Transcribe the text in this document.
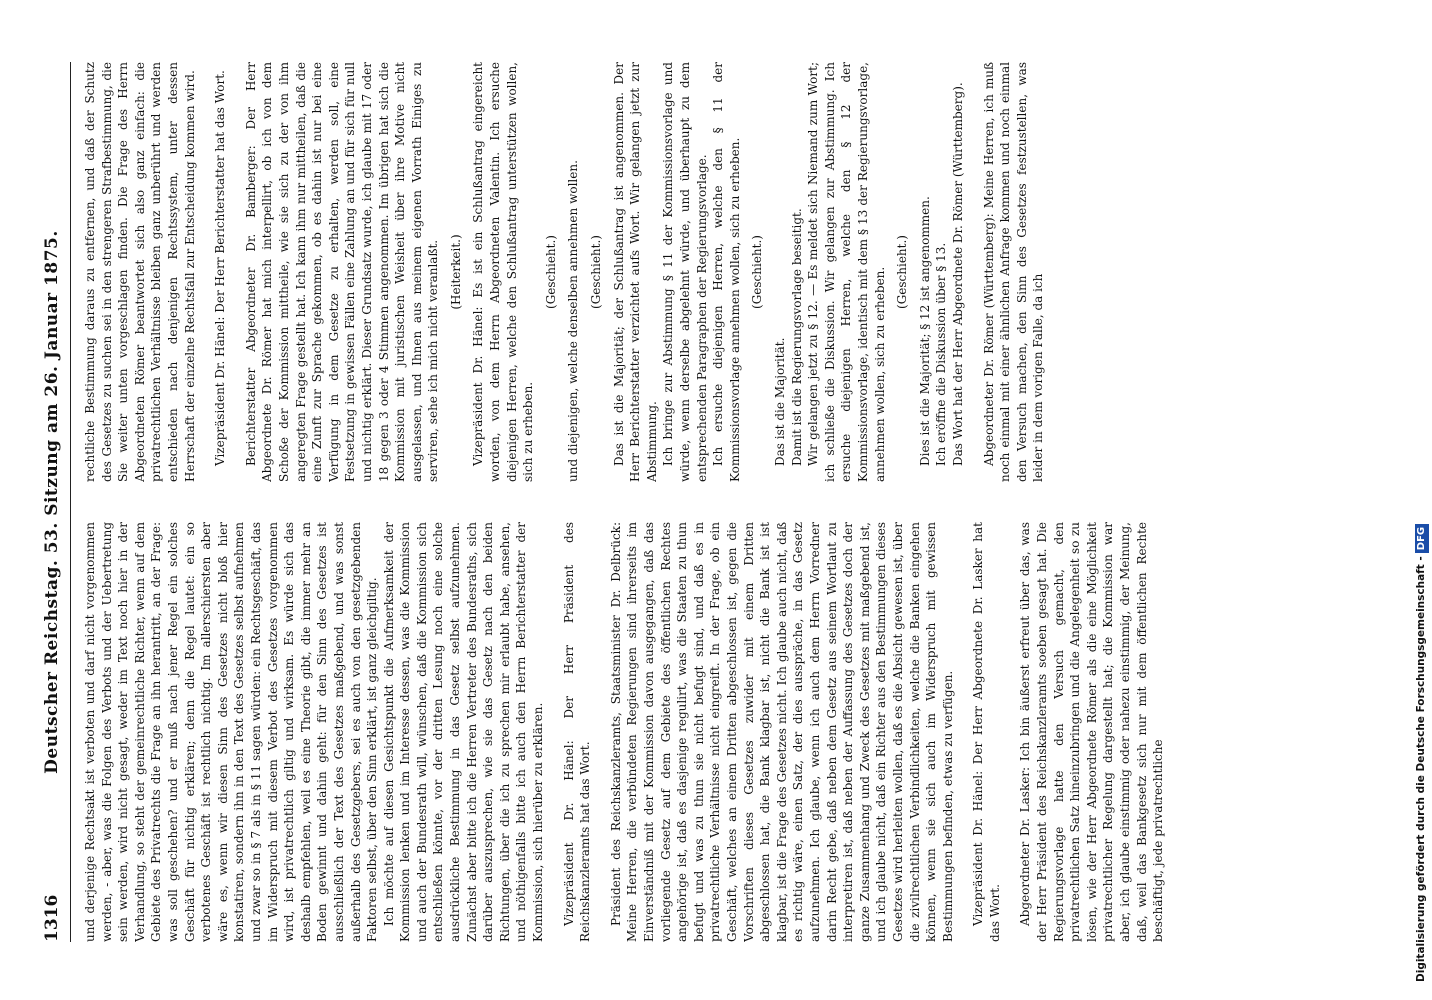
1316
Deutscher Reichstag. 53. Sitzung am 26. Januar 1875. und derjenige Rechtsakt ist verboten und darf nicht vorgenommen werden, - aber, was die Folgen des Verbots und der Uebertretung sein werden, wird nicht gesagt, weder im Text noch hier in der Verhandlung, so steht der gemeinrechtliche Richter, wenn auf dem Gebiete des Privatrechts die Frage an ihn herantritt, an der Frage: was soll geschehen? und er muß nach jener Regel ein solches Geschäft für nichtig erklären; denn die Regel lautet: ein so verbotenes Geschäft ist rechtlich nichtig. Im allerschiersten aber wäre es, wenn wir diesen Sinn des Gesetzes nicht bloß hier konstatiren, sondern ihn in den Text des Gesetzes selbst aufnehmen und zwar so in § 7 als in § 11 sagen würden: ein Rechtsgeschäft, das im Widerspruch mit diesem Verbot des Gesetzes vorgenommen wird, ist privatrechtlich giltig und wirksam. Es würde sich das deshalb empfehlen, weil es eine Theorie gibt, die immer mehr an Boden gewinnt und dahin geht: für den Sinn des Gesetzes ist ausschließlich der Text des Gesetzes maßgebend, und was sonst außerhalb des Gesetzgebers, sei es auch von den gesetzgebenden Faktoren selbst, über den Sinn erklärt, ist ganz gleichgiltig. Ich möchte auf diesen Gesichtspunkt die Aufmerksamkeit der Kommission lenken und im Interesse dessen, was die Kommission und auch der Bundesrath will, wünschen, daß die Kommission sich entschließen könnte, vor der dritten Lesung noch eine solche ausdrückliche Bestimmung in das Gesetz selbst aufzunehmen. Zunächst aber bitte ich die Herren Vertreter des Bundesraths, sich darüber auszusprechen, wie sie das Gesetz nach den beiden Richtungen, über die ich zu sprechen mir erlaubt habe, ansehen, und nöthigenfalls bitte ich auch den Herrn Berichterstatter der Kommission, sich hierüber zu erklären. Vizepräsident Dr. Hänel: Der Herr Präsident des Reichskanzleramts hat das Wort. Präsident des Reichskanzleramts, Staatsminister Dr. Delbrück: Meine Herren, die verbündeten Regierungen sind ihrerseits im Einverständniß mit der Kommission davon ausgegangen, daß das vorliegende Gesetz auf dem Gebiete des öffentlichen Rechtes angehörige ist, daß es dasjenige regulirt, was die Staaten zu thun befugt und was zu thun sie nicht befugt sind, und daß es in privatrechtliche Verhältnisse nicht eingreift. In der Frage, ob ein Geschäft, welches an einem Dritten abgeschlossen ist, gegen die Vorschriften dieses Gesetzes zuwider mit einem Dritten abgeschlossen hat, die Bank klagbar ist, nicht die Bank ist ist klagbar, ist die Frage des Gesetzes nicht. Ich glaube auch nicht, daß es richtig wäre, einen Satz, der dies ausspräche, in das Gesetz aufzunehmen. Ich glaube, wenn ich auch dem Herrn Vorredner darin Recht gebe, daß neben dem Gesetz aus seinem Wortlaut zu interpretiren ist, daß neben der Auffassung des Gesetzes doch der ganze Zusammenhang und Zweck des Gesetzes mit maßgebend ist, und ich glaube nicht, daß ein Richter aus den Bestimmungen dieses Gesetzes wird herleiten wollen, daß es die Absicht gewesen ist, über die zivilrechtlichen Verbindlichkeiten, welche die Banken eingehen können, wenn sie sich auch im Widerspruch mit gewissen Bestimmungen befinden, etwas zu verfügen. Vizepräsident Dr. Hänel: Der Herr Abgeordnete Dr. Lasker hat das Wort. Abgeordneter Dr. Lasker: Ich bin äußerst erfreut über das, was der Herr Präsident des Reichskanzleramts soeben gesagt hat. Die Regierungsvorlage hatte den Versuch gemacht, den privatrechtlichen Satz hineinzubringen und die Angelegenheit so zu lösen, wie der Herr Abgeordnete Römer als die eine Möglichkeit privatrechtlicher Regelung dargestellt hat; die Kommission war aber, ich glaube einstimmig oder nahezu einstimmig, der Meinung, daß, weil das Bankgesetz sich nur mit dem öffentlichen Rechte beschäftigt, jede privatrechtliche

rechtliche Bestimmung daraus zu entfernen, und daß der Schutz des Gesetzes zu suchen sei in den strengeren Strafbestimmung, die Sie weiter unten vorgeschlagen finden. Die Frage des Herrn Abgeordneten Römer beantwortet sich also ganz einfach: die privatrechtlichen Verhältnisse bleiben ganz unberührt und werden entschieden nach denjenigen Rechtssystem, unter dessen Herrschaft der einzelne Rechtsfall zur Entscheidung kommen wird. Vizepräsident Dr. Hänel: Der Herr Berichterstatter hat das Wort. Berichterstatter Abgeordneter Dr. Bamberger: Der Herr Abgeordnete Dr. Römer hat mich interpellirt, ob ich von dem Schoße der Kommission mittheile, wie sie sich zu der von ihm angeregten Frage gestellt hat. Ich kann ihm nur mittheilen, daß die eine Zunft zur Sprache gekommen, ob es dahin ist nur bei eine Verfügung in dem Gesetze zu erhalten, werden soll, eine Festsetzung in gewissen Fällen eine Zahlung an und für sich für null und nichtig erklärt. Dieser Grundsatz wurde, ich glaube mit 17 oder 18 gegen 3 oder 4 Stimmen angenommen. Im übrigen hat sich die Kommission mit juristischen Weisheit über ihre Motive nicht ausgelassen, und Ihnen aus meinem eigenen Vorrath Einiges zu serviren, sehe ich mich nicht veranlaßt. (Heiterkeit.) Vizepräsident Dr. Hänel: Es ist ein Schlußantrag eingereicht worden, von dem Herrn Abgeordneten Valentin. Ich ersuche diejenigen Herren, welche den Schlußantrag unterstützen wollen, sich zu erheben.

(Geschieht.) und diejenigen, welche denselben annehmen wollen. (Geschieht.) Das ist die Majorität; der Schlußantrag ist angenommen. Der Herr Berichterstatter verzichtet aufs Wort. Wir gelangen jetzt zur Abstimmung. Ich bringe zur Abstimmung § 11 der Kommissionsvorlage und würde, wenn derselbe abgelehnt würde, und überhaupt zu dem entsprechenden Paragraphen der Regierungsvorlage. Ich ersuche diejenigen Herren, welche den § 11 der Kommissionsvorlage annehmen wollen, sich zu erheben. (Geschieht.)

Das ist die Majorität. Damit ist die Regierungsvorlage beseitigt. Wir gelangen jetzt zu § 12. — Es meldet sich Niemand zum Wort; ich schließe die Diskussion. Wir gelangen zur Abstimmung. Ich ersuche diejenigen Herren, welche den § 12 der Kommissionsvorlage, identisch mit dem § 13 der Regierungsvorlage, annehmen wollen, sich zu erheben. (Geschieht.) Dies ist die Majorität; § 12 ist angenommen. Ich eröffne die Diskussion über § 13. Das Wort hat der Herr Abgeordnete Dr. Römer (Württemberg). Abgeordneter Dr. Römer (Württemberg): Meine Herren, ich muß noch einmal mit einer ähnlichen Anfrage kommen und noch einmal den Versuch machen, den Sinn des Gesetzes festzustellen, was leider in dem vorigen Falle, da ich

Digitalisierung gefördert durch die Deutsche Forschungsgemeinschaft -DFG
